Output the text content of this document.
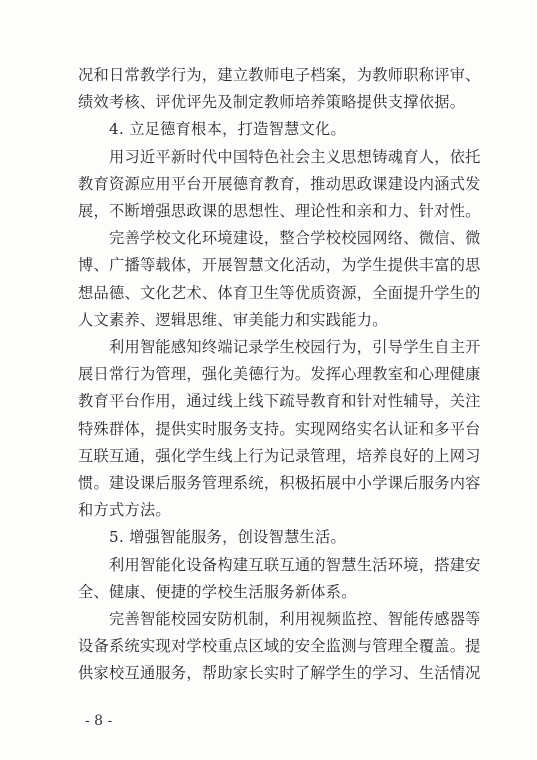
况和日常教学行为，建立教师电子档案，为教师职称评审、
绩效考核、评优评先及制定教师培养策略提供支撑依据。

　　4. 立足德育根本，打造智慧文化。

　　用习近平新时代中国特色社会主义思想铸魂育人，依托
教育资源应用平台开展德育教育，推动思政课建设内涵式发
展，不断增强思政课的思想性、理论性和亲和力、针对性。

　　完善学校文化环境建设，整合学校校园网络、微信、微
博、广播等载体，开展智慧文化活动，为学生提供丰富的思
想品德、文化艺术、体育卫生等优质资源，全面提升学生的
人文素养、逻辑思维、审美能力和实践能力。

　　利用智能感知终端记录学生校园行为，引导学生自主开
展日常行为管理，强化美德行为。发挥心理教室和心理健康
教育平台作用，通过线上线下疏导教育和针对性辅导，关注
特殊群体，提供实时服务支持。实现网络实名认证和多平台
互联互通，强化学生线上行为记录管理，培养良好的上网习
惯。建设课后服务管理系统，积极拓展中小学课后服务内容
和方式方法。

　　5. 增强智能服务，创设智慧生活。

　　利用智能化设备构建互联互通的智慧生活环境，搭建安
全、健康、便捷的学校生活服务新体系。

　　完善智能校园安防机制，利用视频监控、智能传感器等
设备系统实现对学校重点区域的安全监测与管理全覆盖。提
供家校互通服务，帮助家长实时了解学生的学习、生活情况

- 8 -
